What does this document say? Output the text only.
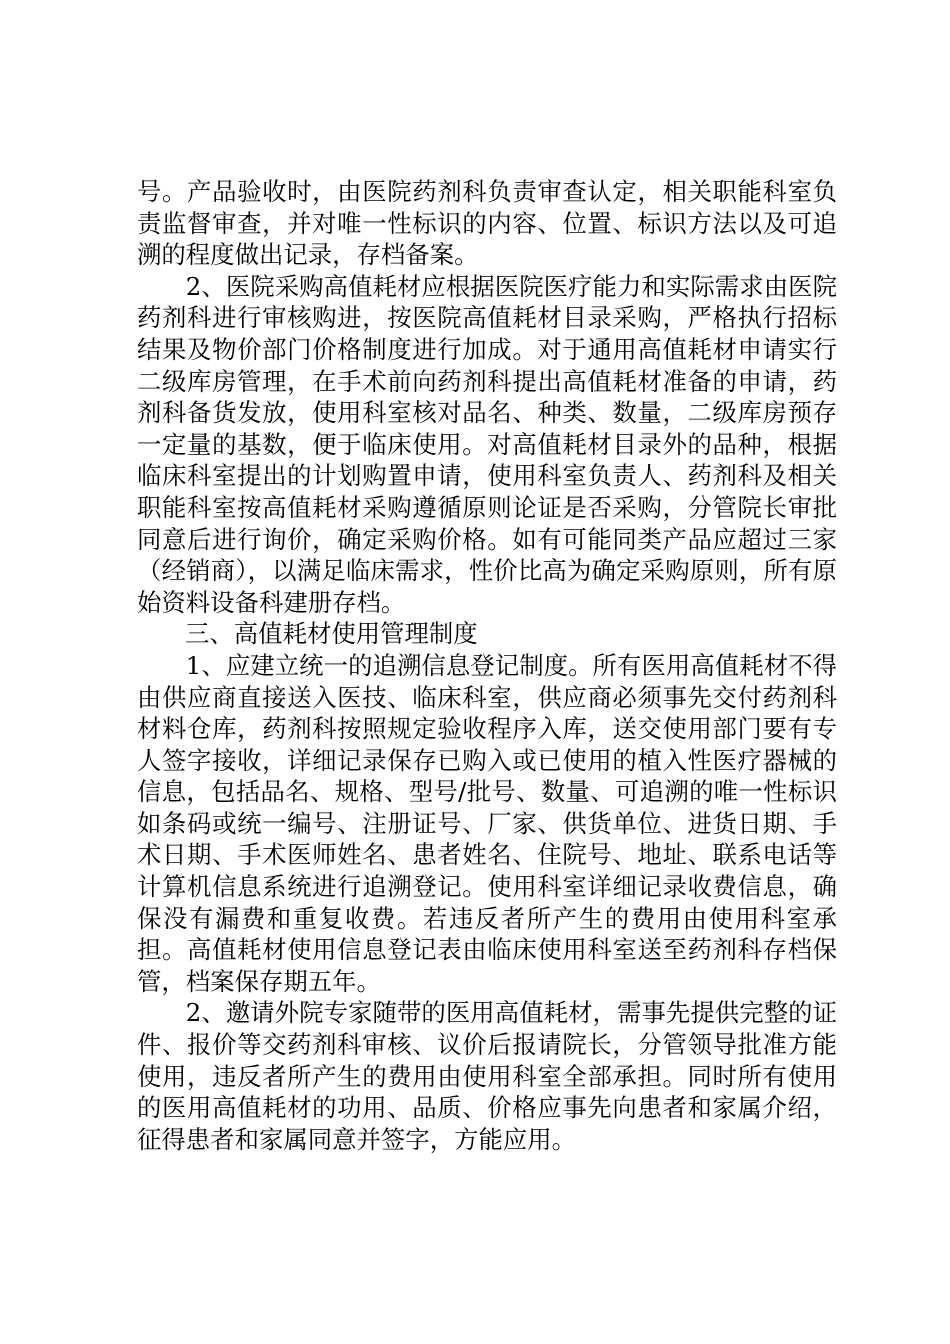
号。产品验收时，由医院药剂科负责审查认定，相关职能科室负责监督审查，并对唯一性标识的内容、位置、标识方法以及可追溯的程度做出记录，存档备案。

2、医院采购高值耗材应根据医院医疗能力和实际需求由医院药剂科进行审核购进，按医院高值耗材目录采购，严格执行招标结果及物价部门价格制度进行加成。对于通用高值耗材申请实行二级库房管理，在手术前向药剂科提出高值耗材准备的申请，药剂科备货发放，使用科室核对品名、种类、数量，二级库房预存一定量的基数，便于临床使用。对高值耗材目录外的品种，根据临床科室提出的计划购置申请，使用科室负责人、药剂科及相关职能科室按高值耗材采购遵循原则论证是否采购，分管院长审批同意后进行询价，确定采购价格。如有可能同类产品应超过三家（经销商），以满足临床需求，性价比高为确定采购原则，所有原始资料设备科建册存档。

三、高值耗材使用管理制度

1、应建立统一的追溯信息登记制度。所有医用高值耗材不得由供应商直接送入医技、临床科室，供应商必须事先交付药剂科材料仓库，药剂科按照规定验收程序入库，送交使用部门要有专人签字接收，详细记录保存已购入或已使用的植入性医疗器械的信息，包括品名、规格、型号/批号、数量、可追溯的唯一性标识如条码或统一编号、注册证号、厂家、供货单位、进货日期、手术日期、手术医师姓名、患者姓名、住院号、地址、联系电话等计算机信息系统进行追溯登记。使用科室详细记录收费信息，确保没有漏费和重复收费。若违反者所产生的费用由使用科室承担。高值耗材使用信息登记表由临床使用科室送至药剂科存档保管，档案保存期五年。

2、邀请外院专家随带的医用高值耗材，需事先提供完整的证件、报价等交药剂科审核、议价后报请院长，分管领导批准方能使用，违反者所产生的费用由使用科室全部承担。同时所有使用的医用高值耗材的功用、品质、价格应事先向患者和家属介绍，征得患者和家属同意并签字，方能应用。
